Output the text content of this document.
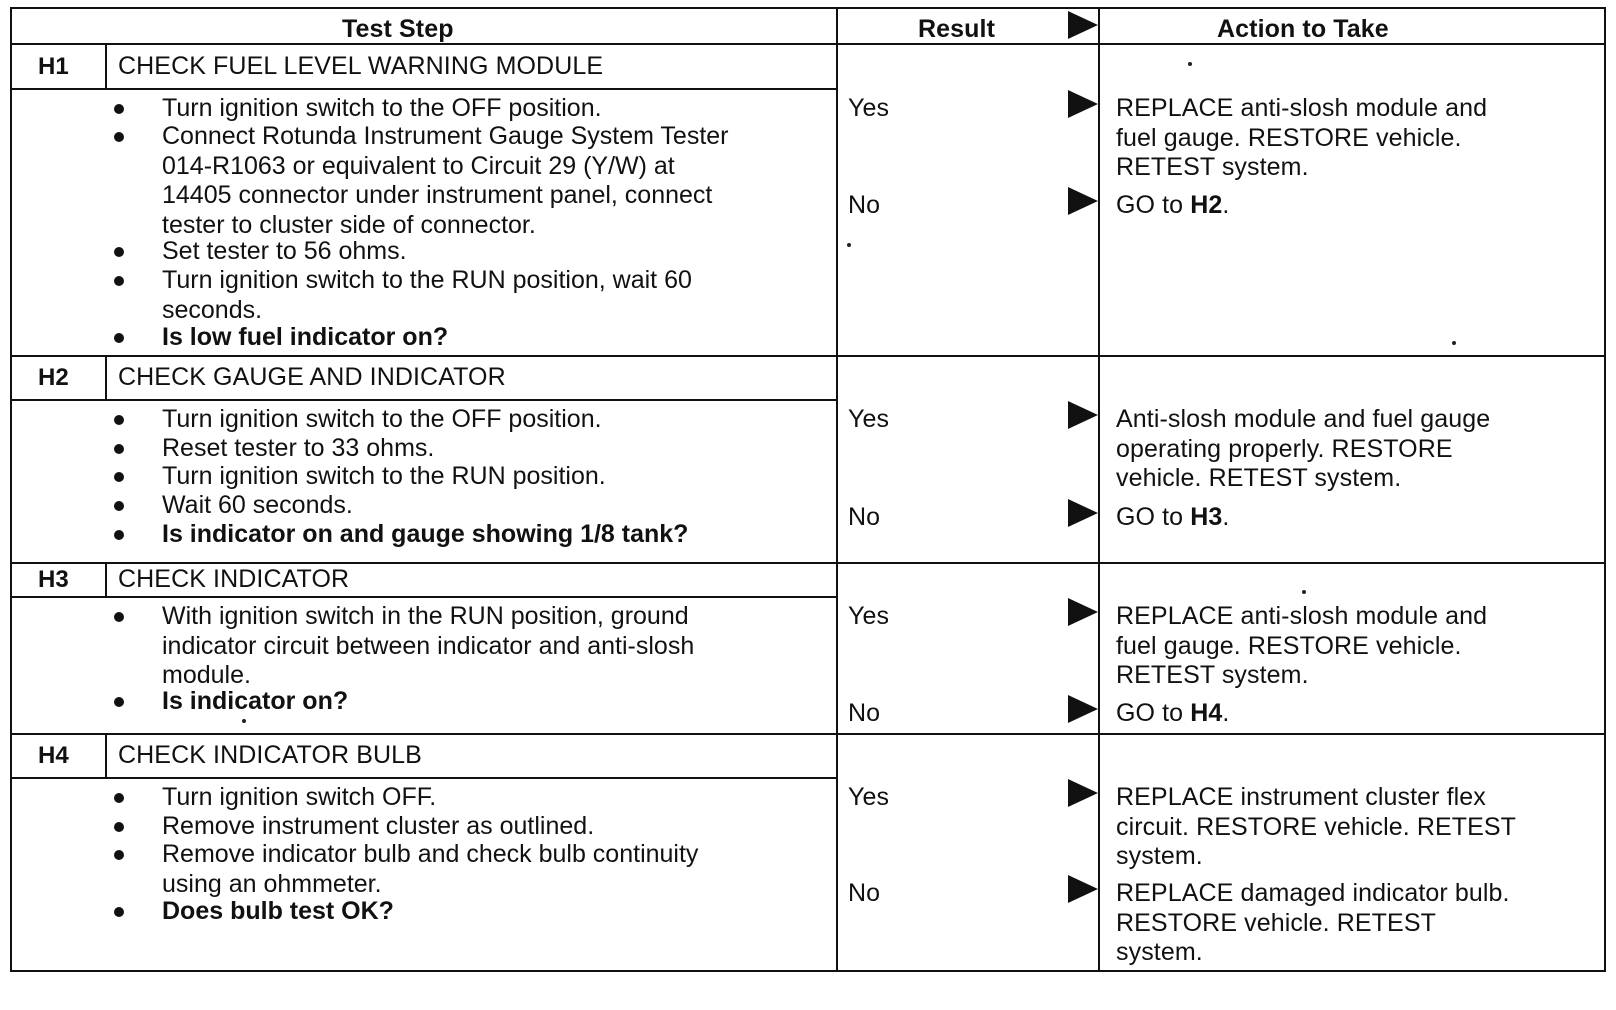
Test Step	Result	Action to Take
H1 CHECK FUEL LEVEL WARNING MODULE
Turn ignition switch to the OFF position.
Connect Rotunda Instrument Gauge System Tester
014-R1063 or equivalent to Circuit 29 (Y/W) at
14405 connector under instrument panel, connect
tester to cluster side of connector.
Set tester to 56 ohms.
Turn ignition switch to the RUN position, wait 60
seconds.
Is low fuel indicator on?
Yes	REPLACE anti-slosh module and
fuel gauge. RESTORE vehicle.
RETEST system.
No	GO to H2.
H2 CHECK GAUGE AND INDICATOR
Turn ignition switch to the OFF position.
Reset tester to 33 ohms.
Turn ignition switch to the RUN position.
Wait 60 seconds.
Is indicator on and gauge showing 1/8 tank?
Yes	Anti-slosh module and fuel gauge
operating properly. RESTORE
vehicle. RETEST system.
No	GO to H3.
H3 CHECK INDICATOR
With ignition switch in the RUN position, ground
indicator circuit between indicator and anti-slosh
module.
Is indicator on?
Yes	REPLACE anti-slosh module and
fuel gauge. RESTORE vehicle.
RETEST system.
No	GO to H4.
H4 CHECK INDICATOR BULB
Turn ignition switch OFF.
Remove instrument cluster as outlined.
Remove indicator bulb and check bulb continuity
using an ohmmeter.
Does bulb test OK?
Yes	REPLACE instrument cluster flex
circuit. RESTORE vehicle. RETEST
system.
No	REPLACE damaged indicator bulb.
RESTORE vehicle. RETEST
system.
